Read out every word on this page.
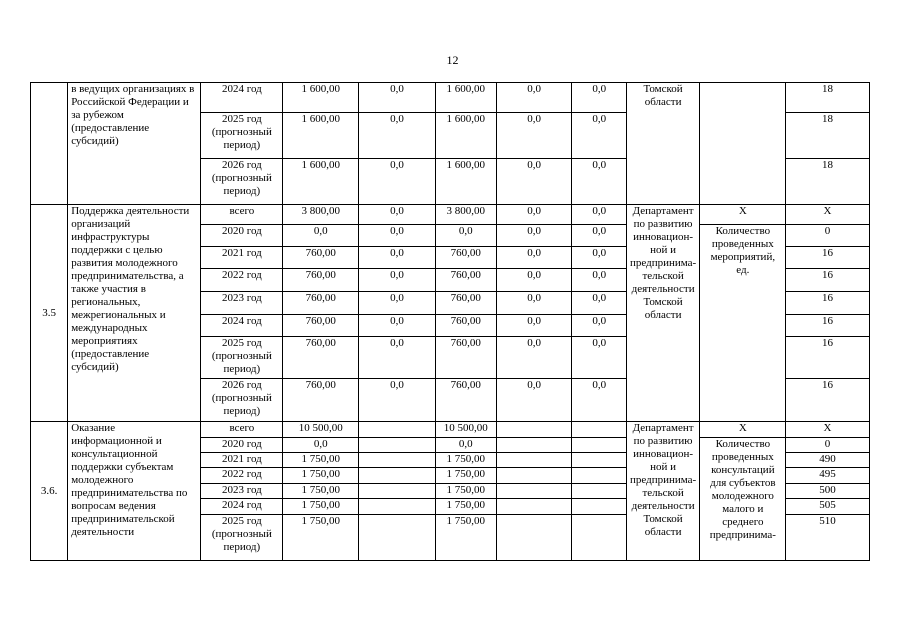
12
	в ведущих организациях в Российской Федерации и за рубежом (предоставление субсидий)	2024 год	1 600,00	0,0	1 600,00	0,0	0,0	Томской области		18
		2025 год (прогнозный период)	1 600,00	0,0	1 600,00	0,0	0,0			18
		2026 год (прогнозный период)	1 600,00	0,0	1 600,00	0,0	0,0			18
3.5	Поддержка деятельности организаций инфраструктуры поддержки с целью развития молодежного предпринимательства, а также участия в региональных, межрегиональных и международных мероприятиях (предоставление субсидий)	всего	3 800,00	0,0	3 800,00	0,0	0,0	Департамент по развитию инновацион-ной и предпринима-тельской деятельности Томской области	Х	Х
		2020 год	0,0	0,0	0,0	0,0	0,0		Количество проведенных мероприятий, ед.	0
		2021 год	760,00	0,0	760,00	0,0	0,0			16
		2022 год	760,00	0,0	760,00	0,0	0,0			16
		2023 год	760,00	0,0	760,00	0,0	0,0			16
		2024 год	760,00	0,0	760,00	0,0	0,0			16
		2025 год (прогнозный период)	760,00	0,0	760,00	0,0	0,0			16
		2026 год (прогнозный период)	760,00	0,0	760,00	0,0	0,0			16
3.6.	Оказание информационной и консультационной поддержки субъектам молодежного предпринимательства по вопросам ведения предпринимательской деятельности	всего	10 500,00		10 500,00			Департамент по развитию инновацион-ной и предпринима-тельской деятельности Томской области	Х	Х
		2020 год	0,0		0,0				Количество проведенных консультаций для субъектов молодежного малого и среднего предпринима-	0
		2021 год	1 750,00		1 750,00					490
		2022 год	1 750,00		1 750,00					495
		2023 год	1 750,00		1 750,00					500
		2024 год	1 750,00		1 750,00					505
		2025 год (прогнозный период)	1 750,00		1 750,00					510
